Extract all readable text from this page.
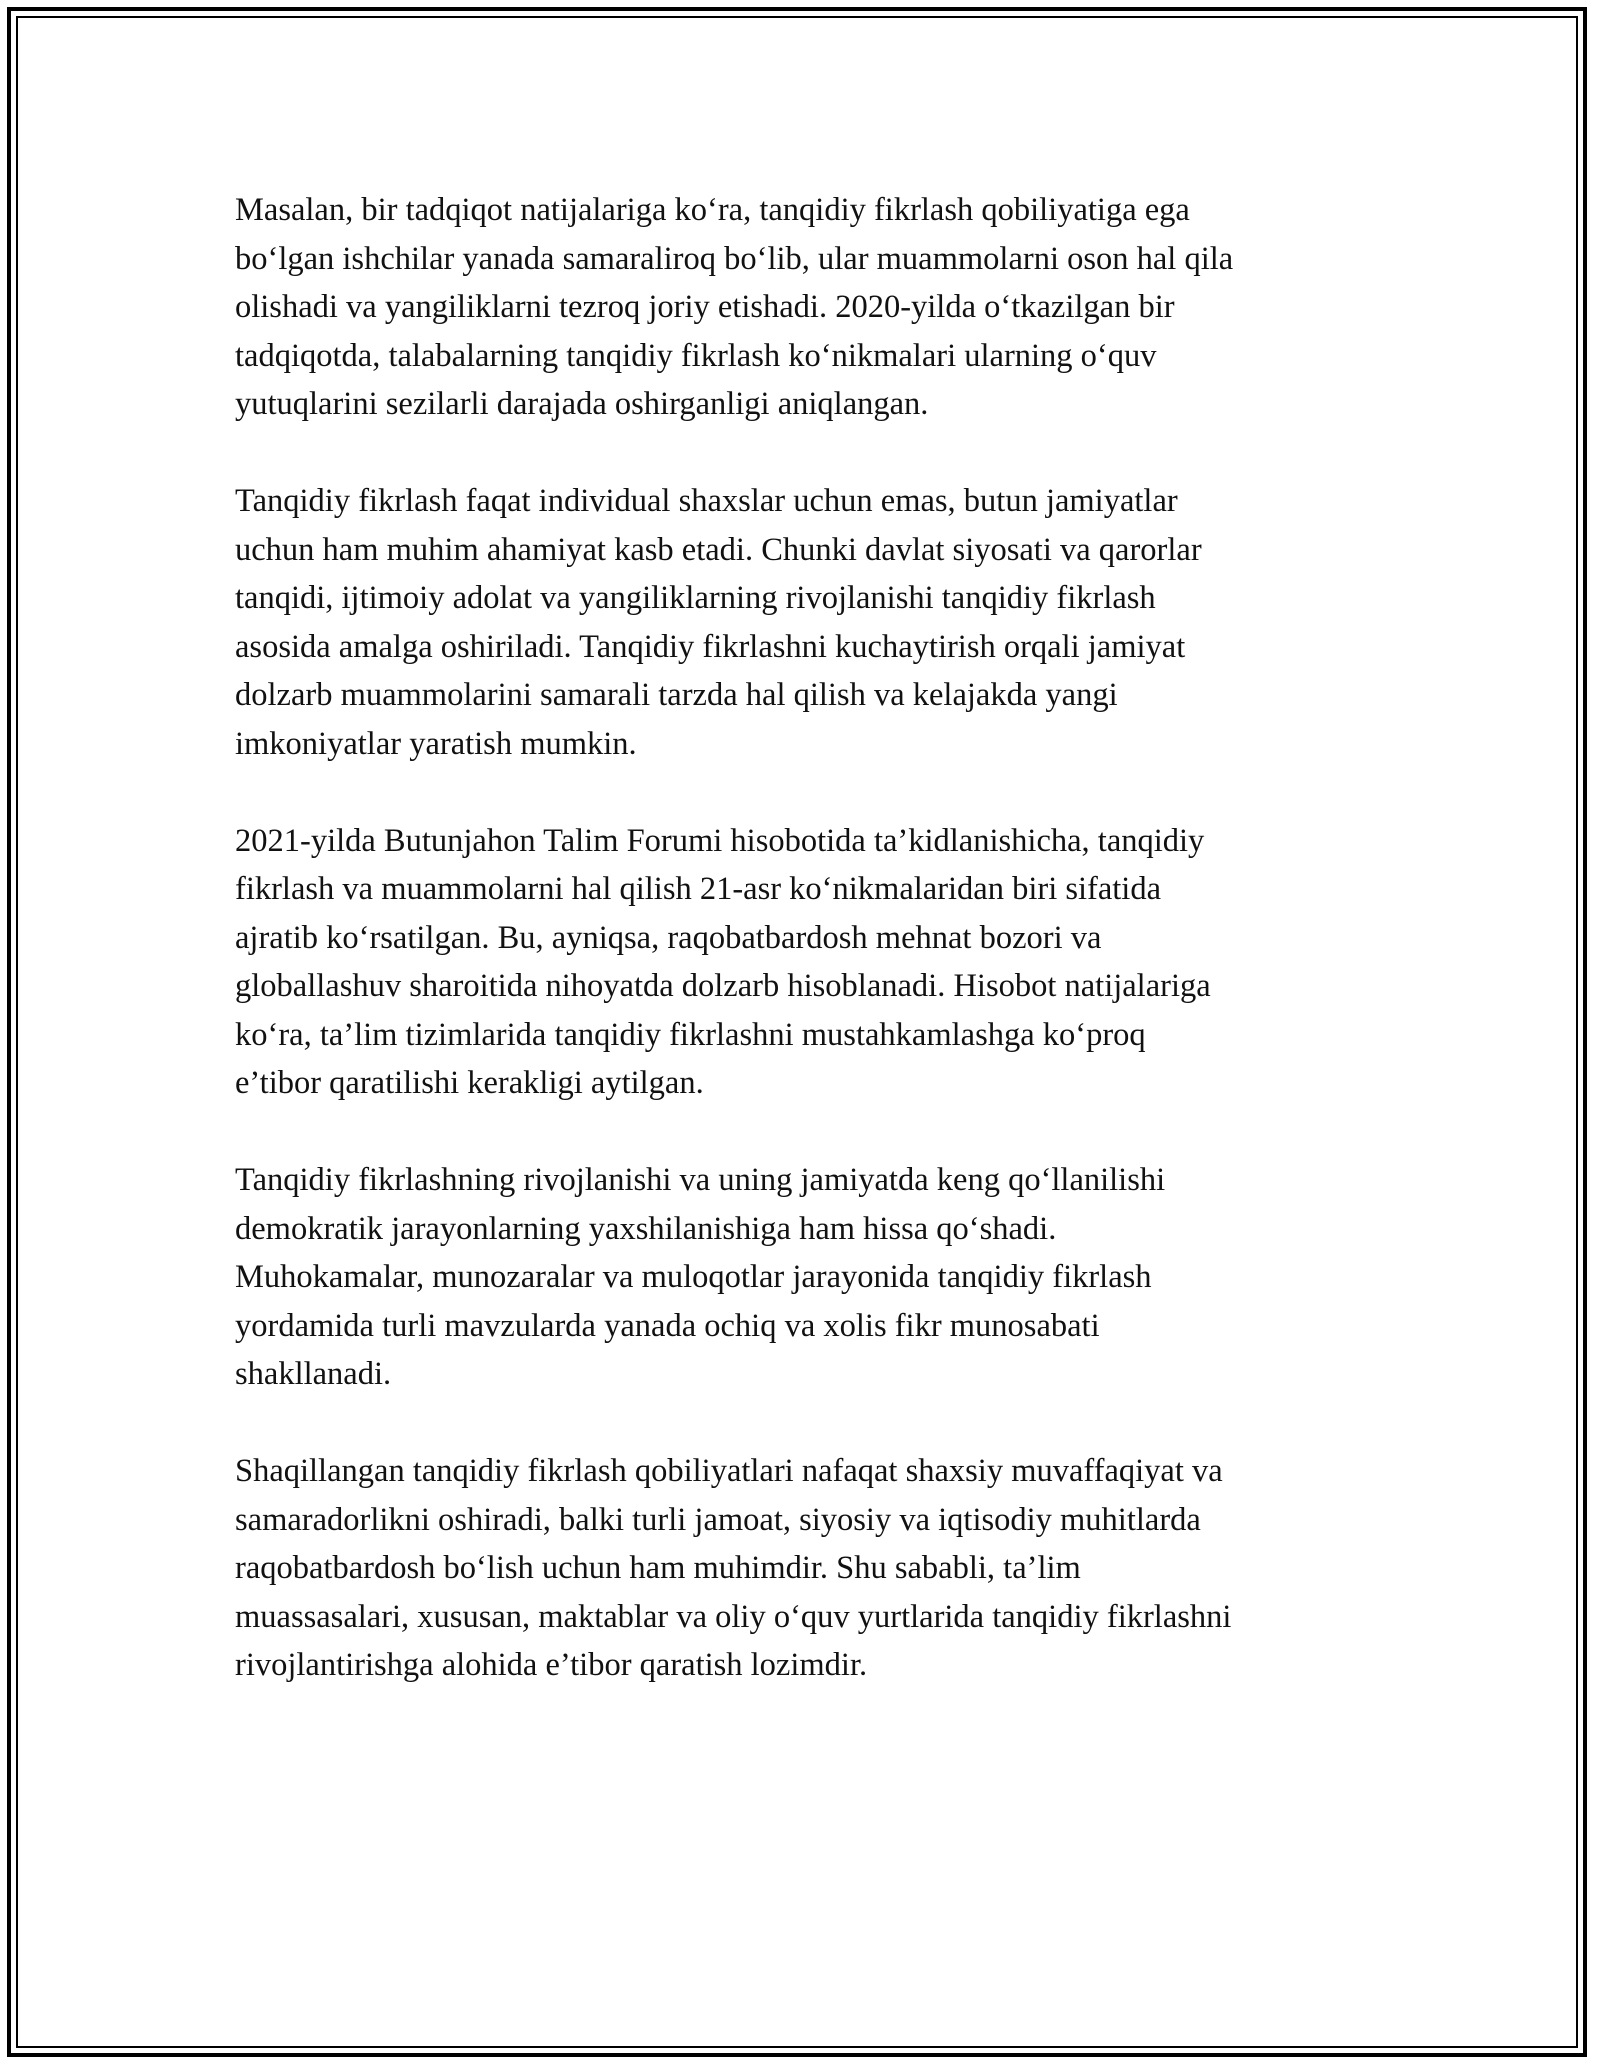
Masalan, bir tadqiqot natijalariga ko‘ra, tanqidiy fikrlash qobiliyatiga ega
bo‘lgan ishchilar yanada samaraliroq bo‘lib, ular muammolarni oson hal qila
olishadi va yangiliklarni tezroq joriy etishadi. 2020-yilda o‘tkazilgan bir
tadqiqotda, talabalarning tanqidiy fikrlash ko‘nikmalari ularning o‘quv
yutuqlarini sezilarli darajada oshirganligi aniqlangan.

Tanqidiy fikrlash faqat individual shaxslar uchun emas, butun jamiyatlar
uchun ham muhim ahamiyat kasb etadi. Chunki davlat siyosati va qarorlar
tanqidi, ijtimoiy adolat va yangiliklarning rivojlanishi tanqidiy fikrlash
asosida amalga oshiriladi. Tanqidiy fikrlashni kuchaytirish orqali jamiyat
dolzarb muammolarini samarali tarzda hal qilish va kelajakda yangi
imkoniyatlar yaratish mumkin.

2021-yilda Butunjahon Talim Forumi hisobotida ta’kidlanishicha, tanqidiy
fikrlash va muammolarni hal qilish 21-asr ko‘nikmalaridan biri sifatida
ajratib ko‘rsatilgan. Bu, ayniqsa, raqobatbardosh mehnat bozori va
globallashuv sharoitida nihoyatda dolzarb hisoblanadi. Hisobot natijalariga
ko‘ra, ta’lim tizimlarida tanqidiy fikrlashni mustahkamlashga ko‘proq
e’tibor qaratilishi kerakligi aytilgan.

Tanqidiy fikrlashning rivojlanishi va uning jamiyatda keng qo‘llanilishi
demokratik jarayonlarning yaxshilanishiga ham hissa qo‘shadi.
Muhokamalar, munozaralar va muloqotlar jarayonida tanqidiy fikrlash
yordamida turli mavzularda yanada ochiq va xolis fikr munosabati
shakllanadi.

Shaqillangan tanqidiy fikrlash qobiliyatlari nafaqat shaxsiy muvaffaqiyat va
samaradorlikni oshiradi, balki turli jamoat, siyosiy va iqtisodiy muhitlarda
raqobatbardosh bo‘lish uchun ham muhimdir. Shu sababli, ta’lim
muassasalari, xususan, maktablar va oliy o‘quv yurtlarida tanqidiy fikrlashni
rivojlantirishga alohida e’tibor qaratish lozimdir.
